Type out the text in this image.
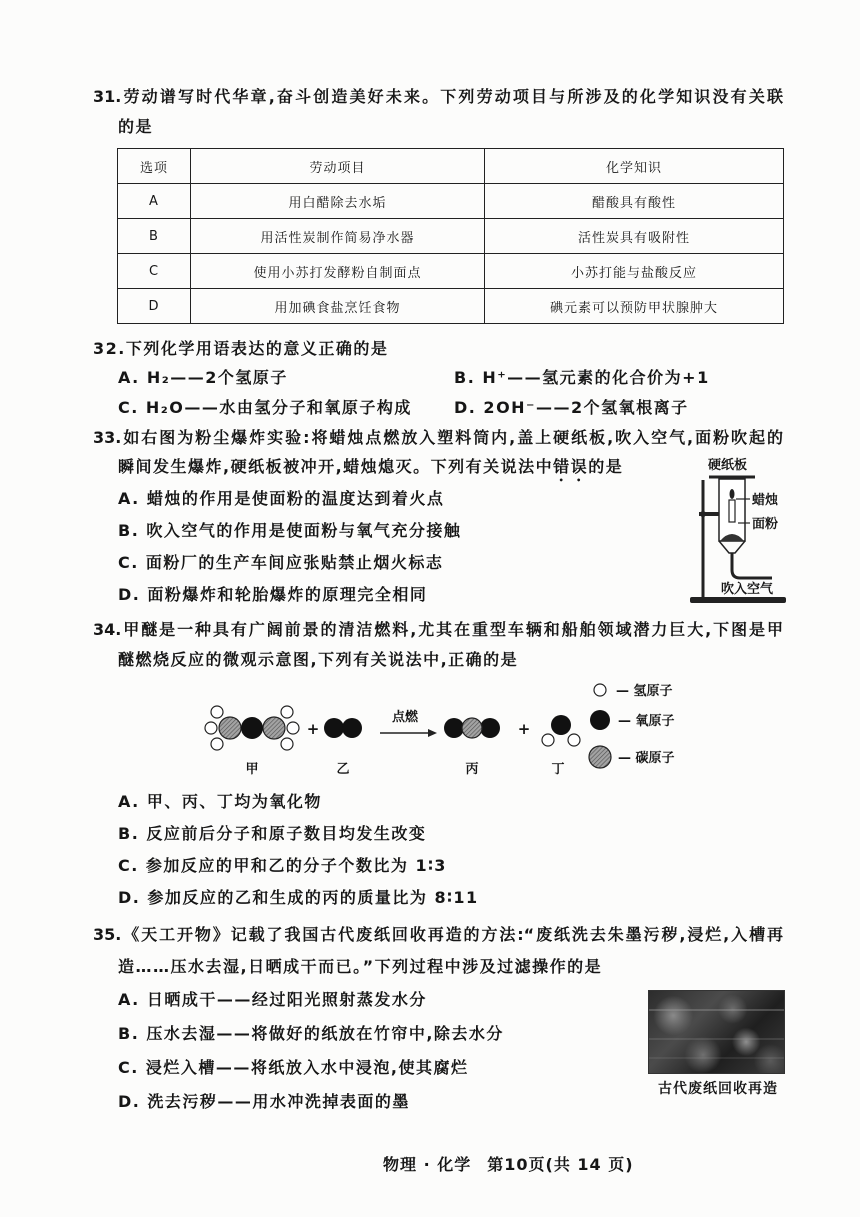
31.劳动谱写时代华章,奋斗创造美好未来。下列劳动项目与所涉及的化学知识没有关联
的是
选项	劳动项目	化学知识
A	用白醋除去水垢	醋酸具有酸性
B	用活性炭制作简易净水器	活性炭具有吸附性
C	使用小苏打发酵粉自制面点	小苏打能与盐酸反应
D	用加碘食盐烹饪食物	碘元素可以预防甲状腺肿大
32.下列化学用语表达的意义正确的是
A. H₂——2个氢原子	B. H⁺——氢元素的化合价为+1
C. H₂O——水由氢分子和氧原子构成	D. 2OH⁻——2个氢氧根离子
33.如右图为粉尘爆炸实验:将蜡烛点燃放入塑料筒内,盖上硬纸板,吹入空气,面粉吹起的
瞬间发生爆炸,硬纸板被冲开,蜡烛熄灭。下列有关说法中错误的是
A. 蜡烛的作用是使面粉的温度达到着火点
B. 吹入空气的作用是使面粉与氧气充分接触
C. 面粉厂的生产车间应张贴禁止烟火标志
D. 面粉爆炸和轮胎爆炸的原理完全相同
硬纸板
蜡烛
面粉
吹入空气
34.甲醚是一种具有广阔前景的清洁燃料,尤其在重型车辆和船舶领域潜力巨大,下图是甲
醚燃烧反应的微观示意图,下列有关说法中,正确的是
+
点燃
+
甲	乙	丙	丁
— 氢原子
— 氧原子
— 碳原子
A. 甲、丙、丁均为氧化物
B. 反应前后分子和原子数目均发生改变
C. 参加反应的甲和乙的分子个数比为 1∶3
D. 参加反应的乙和生成的丙的质量比为 8∶11
35.《天工开物》记载了我国古代废纸回收再造的方法:“废纸洗去朱墨污秽,浸烂,入槽再
造……压水去湿,日晒成干而已。”下列过程中涉及过滤操作的是
A. 日晒成干——经过阳光照射蒸发水分
B. 压水去湿——将做好的纸放在竹帘中,除去水分
C. 浸烂入槽——将纸放入水中浸泡,使其腐烂
D. 洗去污秽——用水冲洗掉表面的墨
古代废纸回收再造
物理 · 化学 第10页(共 14 页)
